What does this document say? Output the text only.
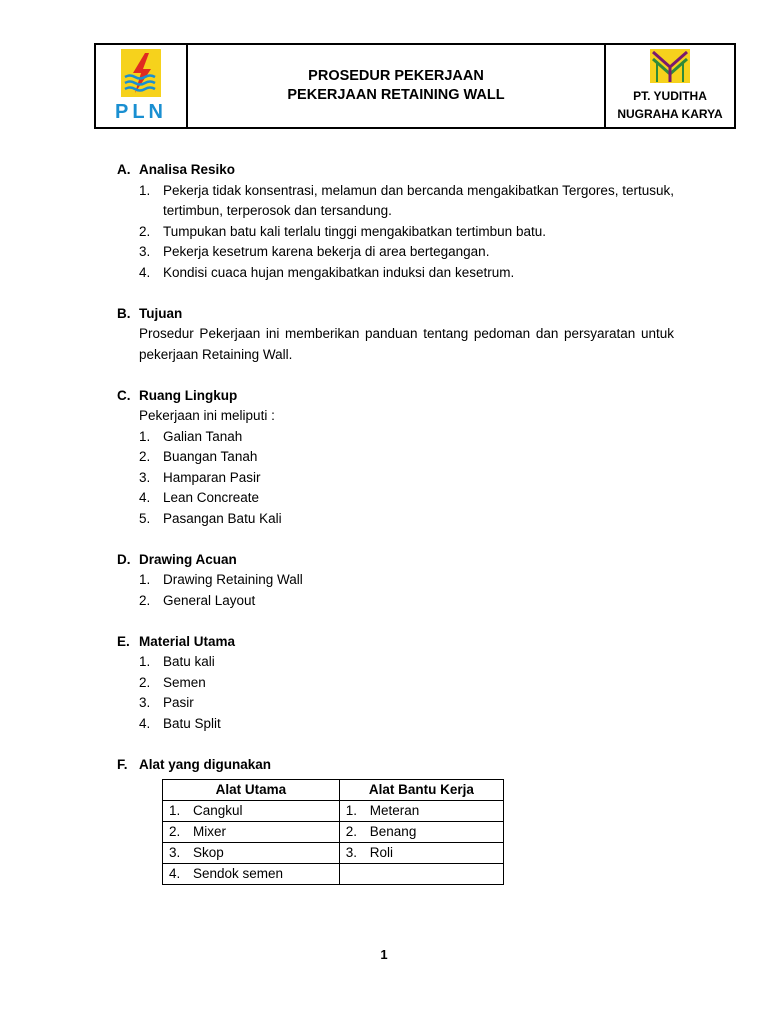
PLN
PROSEDUR PEKERJAAN
PEKERJAAN RETAINING WALL	PT. YUDITHA
NUGRAHA KARYA
A. Analisa Resiko
1. Pekerja tidak konsentrasi, melamun dan bercanda mengakibatkan Tergores, tertusuk, tertimbun, terperosok dan tersandung.
2. Tumpukan batu kali terlalu tinggi mengakibatkan tertimbun batu.
3. Pekerja kesetrum karena bekerja di area bertegangan.
4. Kondisi cuaca hujan mengakibatkan induksi dan kesetrum.
B. Tujuan
Prosedur Pekerjaan ini memberikan panduan tentang pedoman dan persyaratan untuk pekerjaan Retaining Wall.
C. Ruang Lingkup
Pekerjaan ini meliputi :
1. Galian Tanah
2. Buangan Tanah
3. Hamparan Pasir
4. Lean Concreate
5. Pasangan Batu Kali
D. Drawing Acuan
1. Drawing Retaining Wall
2. General Layout
E. Material Utama
1. Batu kali
2. Semen
3. Pasir
4. Batu Split
F. Alat yang digunakan
Alat Utama	Alat Bantu Kerja
1. Cangkul	1. Meteran
2. Mixer	2. Benang
3. Skop	3. Roli
4. Sendok semen	
1
